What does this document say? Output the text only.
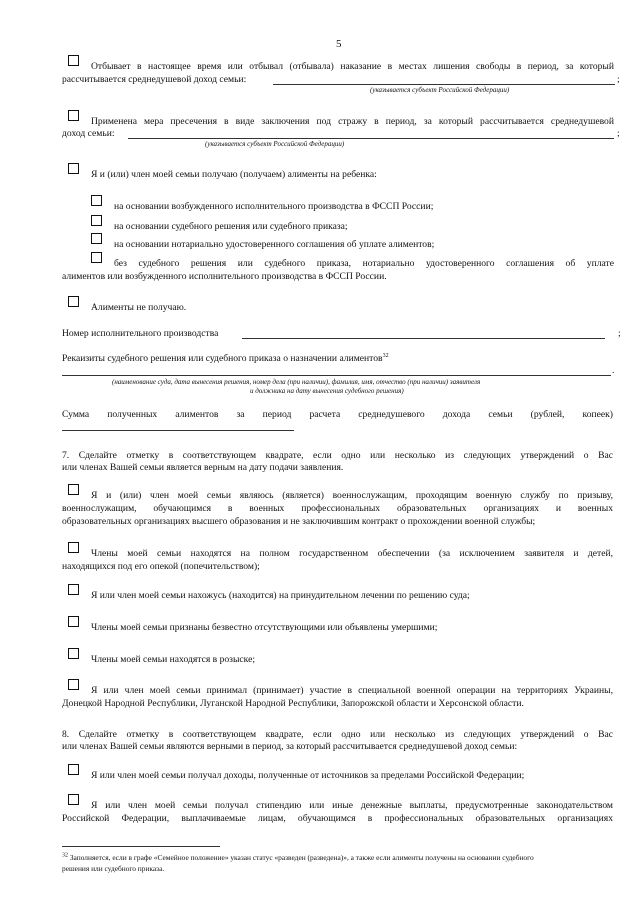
5
Отбывает в настоящее время или отбывал (отбывала) наказание в местах лишения свободы в период, за который
рассчитывается среднедушевой доход семьи:	;
(указывается субъект Российской Федерации)
Применена мера пресечения в виде заключения под стражу в период, за который рассчитывается среднедушевой
доход семьи:	;
(указывается субъект Российской Федерации)
Я и (или) член моей семьи получаю (получаем) алименты на ребенка:
на основании возбужденного исполнительного производства в ФССП России;
на основании судебного решения или судебного приказа;
на основании нотариально удостоверенного соглашения об уплате алиментов;
без судебного решения или судебного приказа, нотариально удостоверенного соглашения об уплате
алиментов или возбужденного исполнительного производства в ФССП России.
Алименты не получаю.
Номер исполнительного производства	;
Рекаизиты судебного решения или судебного приказа о назначении алиментов$^{32}$
.
(наименование суда, дата вынесения решения, номер дела (при наличии), фамилия, имя, отчество (при наличии) заявителя
и должника на дату вынесения судебного решения)
Сумма полученных алиментов за период расчета среднедушевого дохода семьи (рублей, копеек)
7. Сделайте отметку в соответствующем квадрате, если одно или несколько из следующих утверждений о Вас
или членах Вашей семьи является верным на дату подачи заявления.
Я и (или) член моей семьи являюсь (является) военнослужащим, проходящим военную службу по призыву,
военнослужащим, обучающимся в военных профессиональных образовательных организациях и военных
образовательных организациях высшего образования и не заключившим контракт о прохождении военной службы;
Члены моей семьи находятся на полном государственном обеспечении (за исключением заявителя и детей,
находящихся под его опекой (попечительством);
Я или член моей семьи нахожусь (находится) на принудительном лечении по решению суда;
Члены моей семьи признаны безвестно отсутствующими или объявлены умершими;
Члены моей семьи находятся в розыске;
Я или член моей семьи принимал (принимает) участие в специальной военной операции на территориях Украины,
Донецкой Народной Республики, Луганской Народной Республики, Запорожской области и Херсонской области.
8. Сделайте отметку в соответствующем квадрате, если одно или несколько из следующих утверждений о Вас
или членах Вашей семьи являются верными в период, за который рассчитывается среднедушевой доход семьи:
Я или член моей семьи получал доходы, полученные от источников за пределами Российской Федерации;
Я или член моей семьи получал стипендию или иные денежные выплаты, предусмотренные законодательством
Российской Федерации, выплачиваемые лицам, обучающимся в профессиональных образовательных организациях
$^{32}$ Заполняется, если в графе «Семейное положение» указан статус «разведен (разведена)», а также если алименты получены на основании судебного
решения или судебного приказа.
